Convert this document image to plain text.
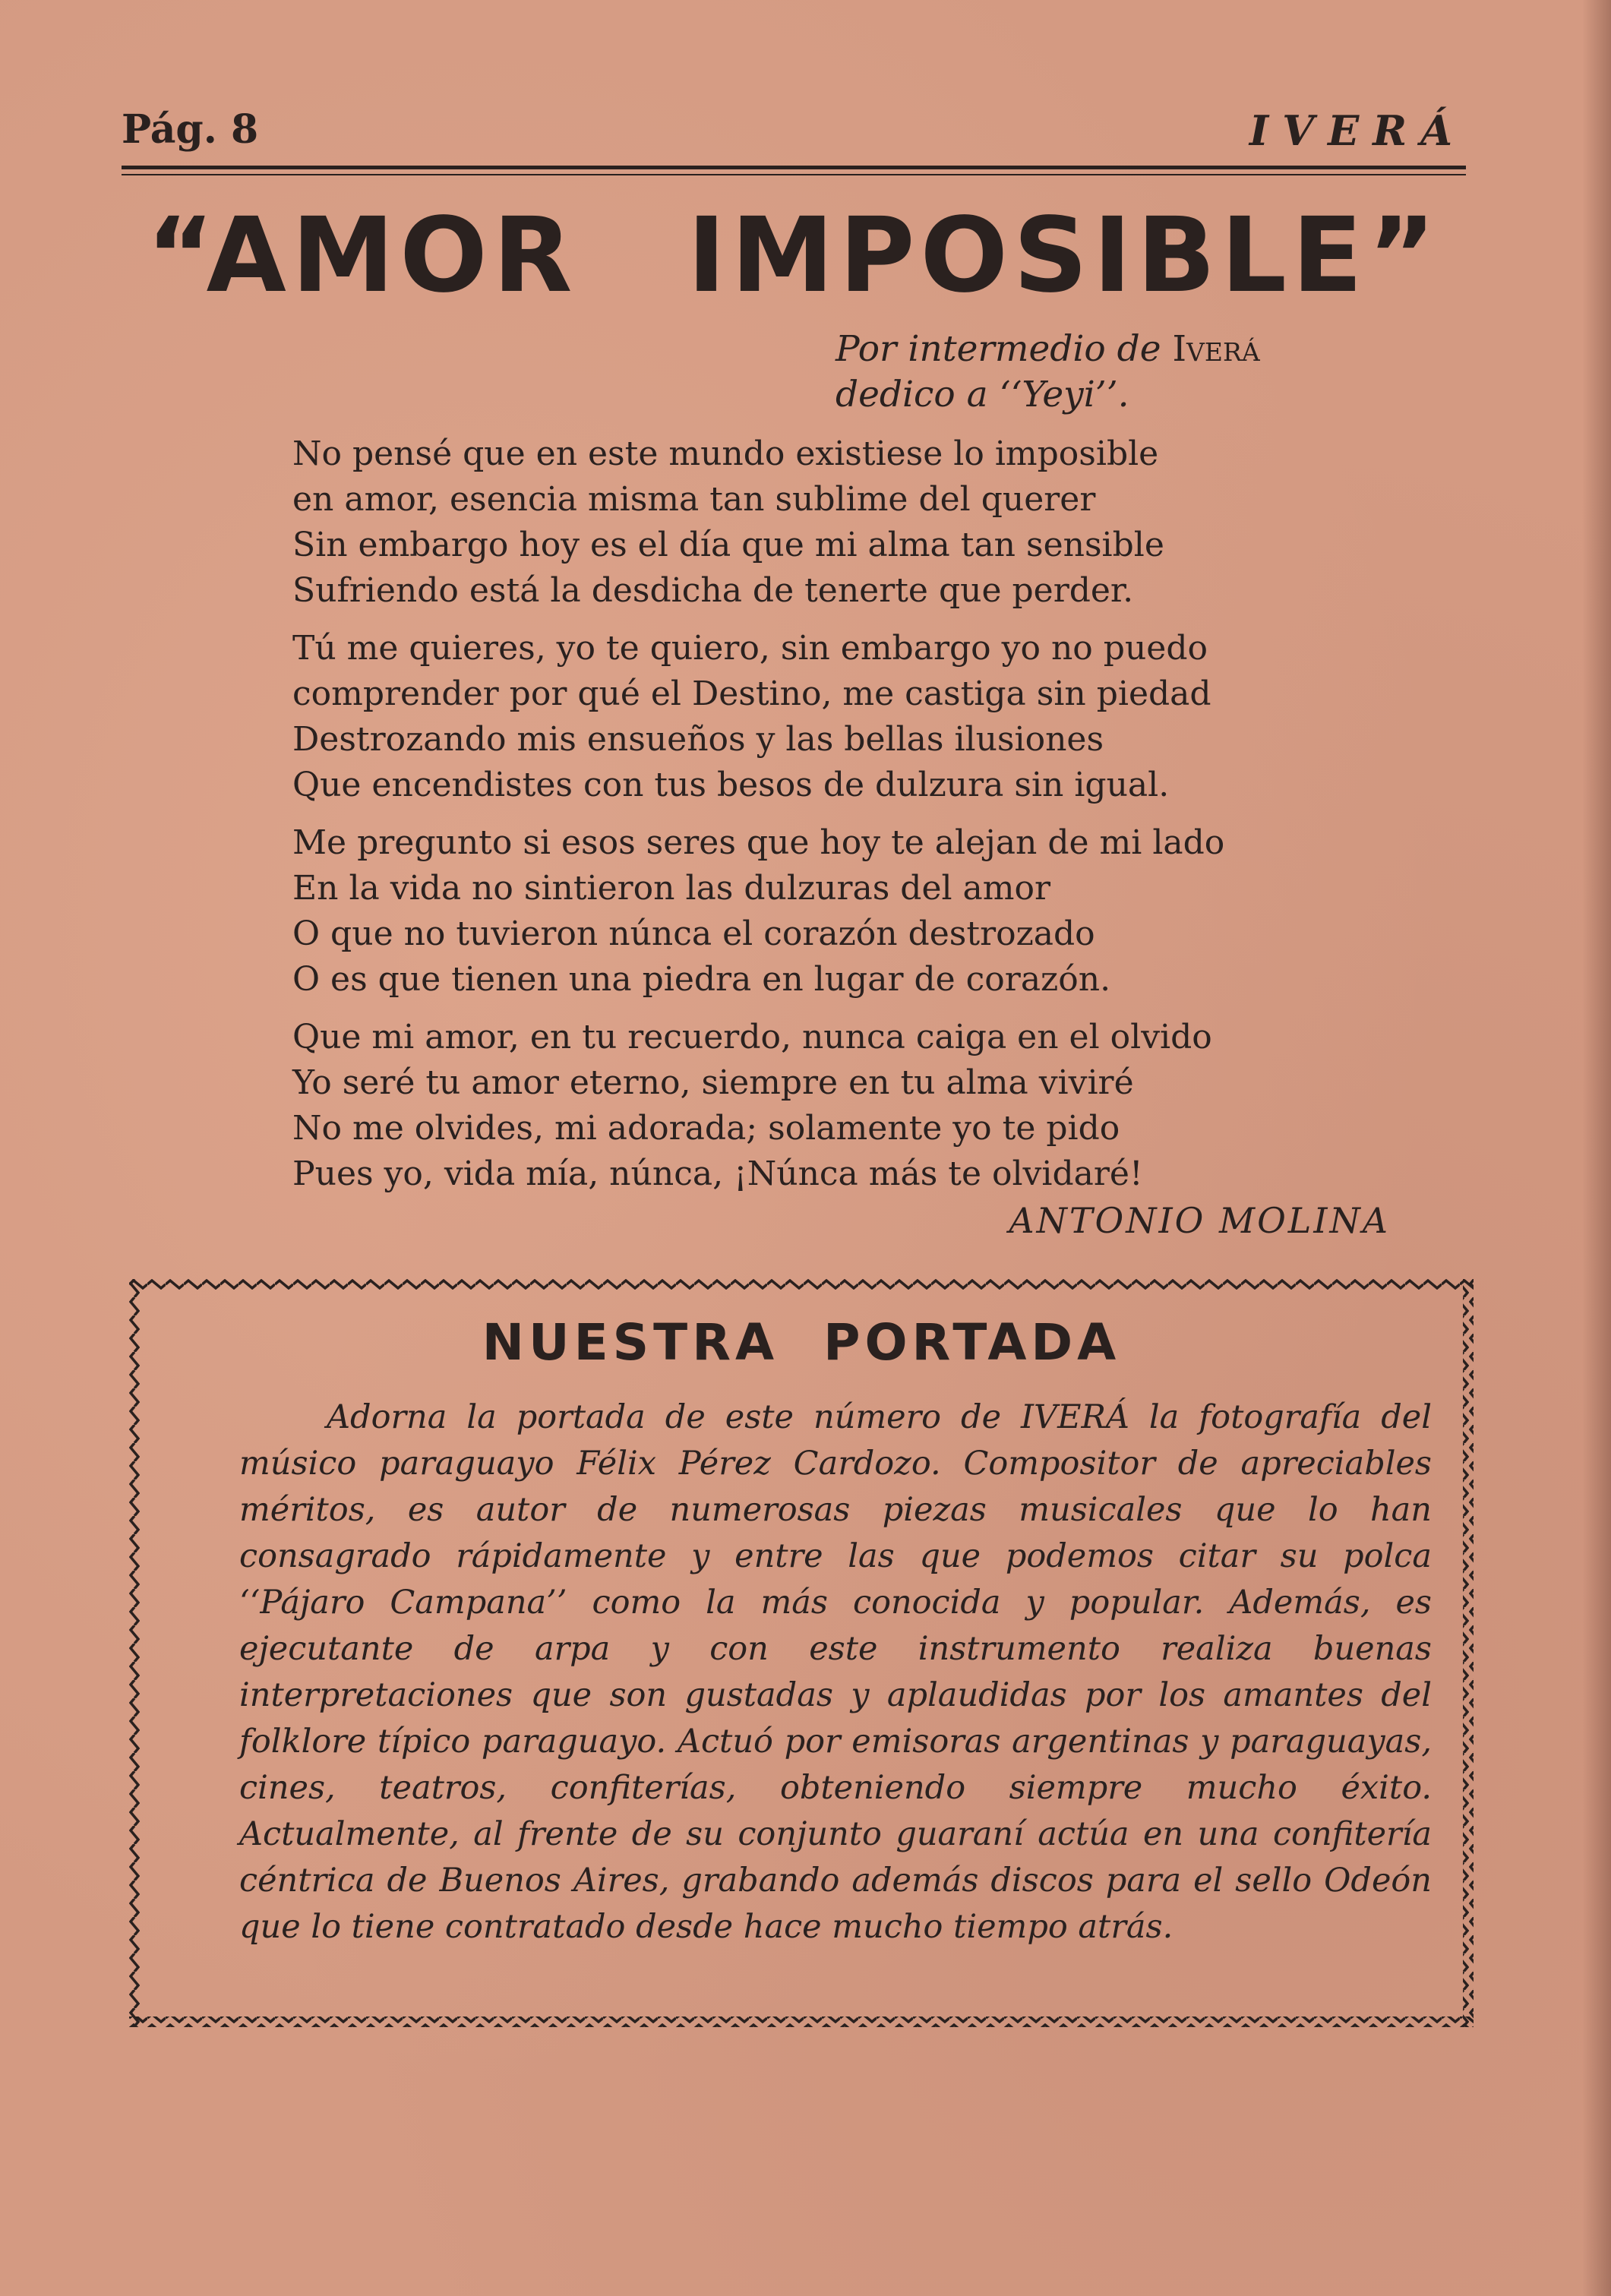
Pág. 8	IVERÁ
“AMOR IMPOSIBLE”
Por intermedio de Iverá
dedico a ‘‘Yeyi’’.
No pensé que en este mundo existiese lo imposible
en amor, esencia misma tan sublime del querer
Sin embargo hoy es el día que mi alma tan sensible
Sufriendo está la desdicha de tenerte que perder.
Tú me quieres, yo te quiero, sin embargo yo no puedo
comprender por qué el Destino, me castiga sin piedad
Destrozando mis ensueños y las bellas ilusiones
Que encendistes con tus besos de dulzura sin igual.
Me pregunto si esos seres que hoy te alejan de mi lado
En la vida no sintieron las dulzuras del amor
O que no tuvieron núnca el corazón destrozado
O es que tienen una piedra en lugar de corazón.
Que mi amor, en tu recuerdo, nunca caiga en el olvido
Yo seré tu amor eterno, siempre en tu alma viviré
No me olvides, mi adorada; solamente yo te pido
Pues yo, vida mía, núnca, ¡Núnca más te olvidaré!
ANTONIO MOLINA
NUESTRA PORTADA

Adorna la portada de este número de IVERÁ la fotografía del músico paraguayo Félix Pérez Cardozo. Compositor de apreciables méritos, es autor de numerosas piezas musicales que lo han consagrado rápidamente y entre las que podemos citar su polca ‘‘Pájaro Campana’’ como la más conocida y popular. Además, es ejecutante de arpa y con este instrumento realiza buenas interpretaciones que son gustadas y aplaudidas por los amantes del folklore típico paraguayo. Actuó por emisoras argentinas y paraguayas, cines, teatros, confiterías, obteniendo siempre mucho éxito. Actualmente, al frente de su conjunto guaraní actúa en una confitería céntrica de Buenos Aires, grabando además discos para el sello Odeón que lo tiene contratado desde hace mucho tiempo atrás.
